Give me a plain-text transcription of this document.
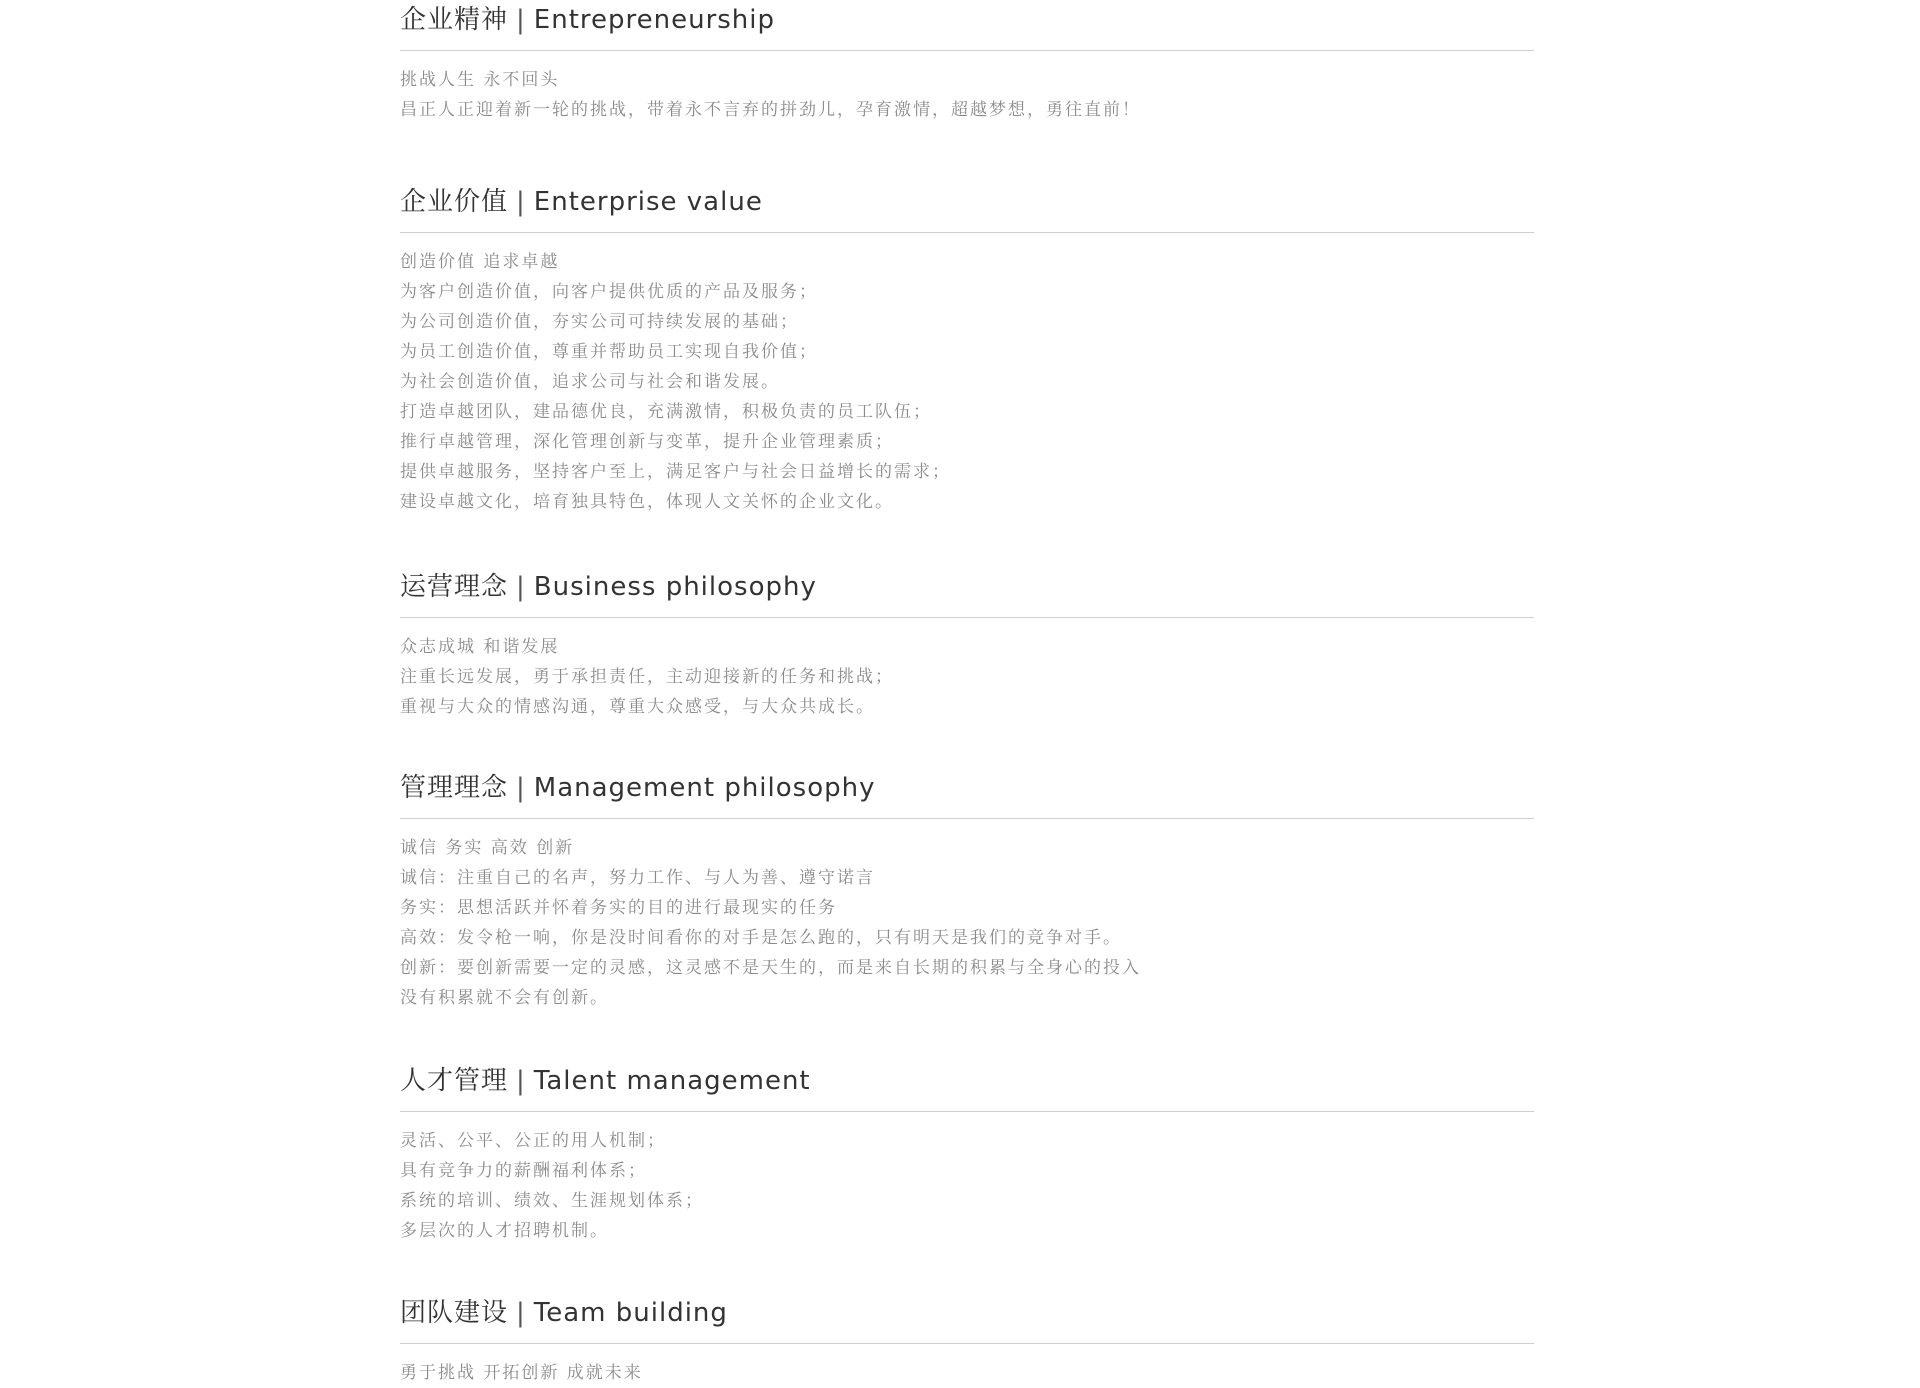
企业精神 | Entrepreneurship
挑战人生 永不回头
昌正人正迎着新一轮的挑战，带着永不言弃的拼劲儿，孕育激情，超越梦想，勇往直前！
企业价值 | Enterprise value
创造价值 追求卓越
为客户创造价值，向客户提供优质的产品及服务；
为公司创造价值，夯实公司可持续发展的基础；
为员工创造价值，尊重并帮助员工实现自我价值；
为社会创造价值，追求公司与社会和谐发展。
打造卓越团队，建品德优良，充满激情，积极负责的员工队伍；
推行卓越管理，深化管理创新与变革，提升企业管理素质；
提供卓越服务，坚持客户至上，满足客户与社会日益增长的需求；
建设卓越文化，培育独具特色，体现人文关怀的企业文化。
运营理念 | Business philosophy
众志成城 和谐发展
注重长远发展，勇于承担责任，主动迎接新的任务和挑战；
重视与大众的情感沟通，尊重大众感受，与大众共成长。
管理理念 | Management philosophy
诚信 务实 高效 创新
诚信：注重自己的名声，努力工作、与人为善、遵守诺言
务实：思想活跃并怀着务实的目的进行最现实的任务
高效：发令枪一响，你是没时间看你的对手是怎么跑的，只有明天是我们的竞争对手。
创新：要创新需要一定的灵感，这灵感不是天生的，而是来自长期的积累与全身心的投入
没有积累就不会有创新。
人才管理 | Talent management
灵活、公平、公正的用人机制；
具有竞争力的薪酬福利体系；
系统的培训、绩效、生涯规划体系；
多层次的人才招聘机制。
团队建设 | Team building
勇于挑战 开拓创新 成就未来
